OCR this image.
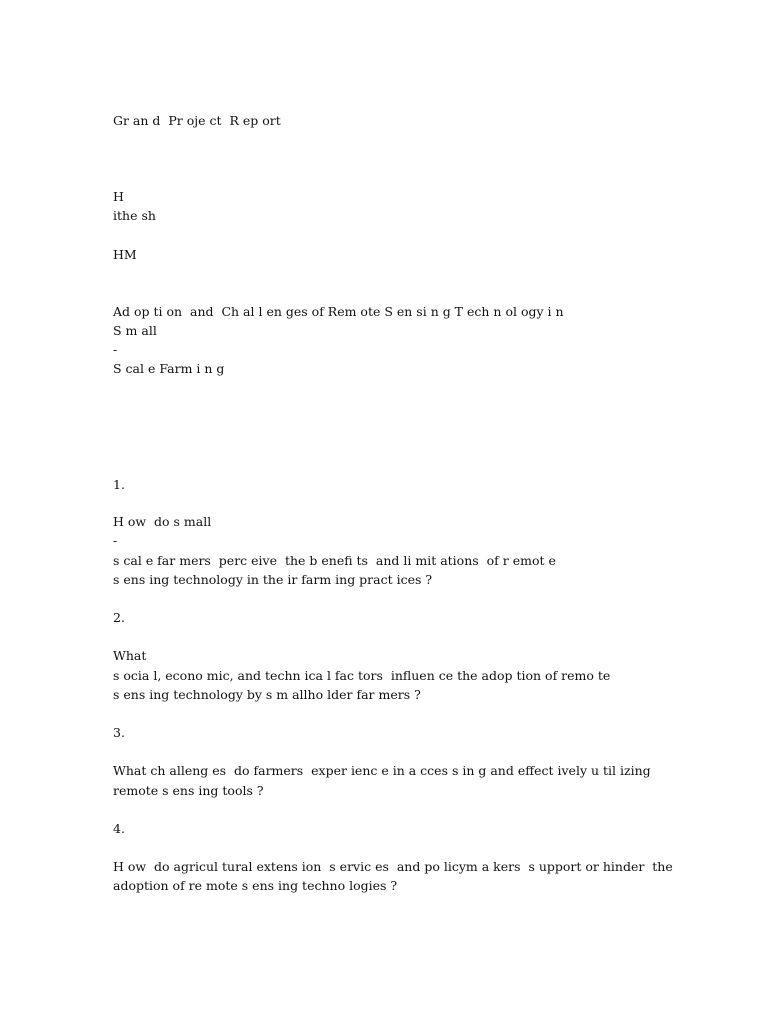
Gr an d  Pr oje ct  R ep ort
H
ithe sh
HM
Ad op ti on  and  Ch al l en ges of Rem ote S en si n g T ech n ol ogy i n
S m all
-
S cal e Farm i n g
1.
H ow  do s mall
-
s cal e far mers  perc eive  the b enefi ts  and li mit ations  of r emot e
s ens ing technology in the ir farm ing pract ices ?
2.
What
s ocia l, econo mic, and techn ica l fac tors  influen ce the adop tion of remo te
s ens ing technology by s m allho lder far mers ?
3.
What ch alleng es  do farmers  exper ienc e in a cces s in g and effect ively u til izing
remote s ens ing tools ?
4.
H ow  do agricul tural extens ion  s ervic es  and po licym a kers  s upport or hinder  the
adoption of re mote s ens ing techno logies ?
